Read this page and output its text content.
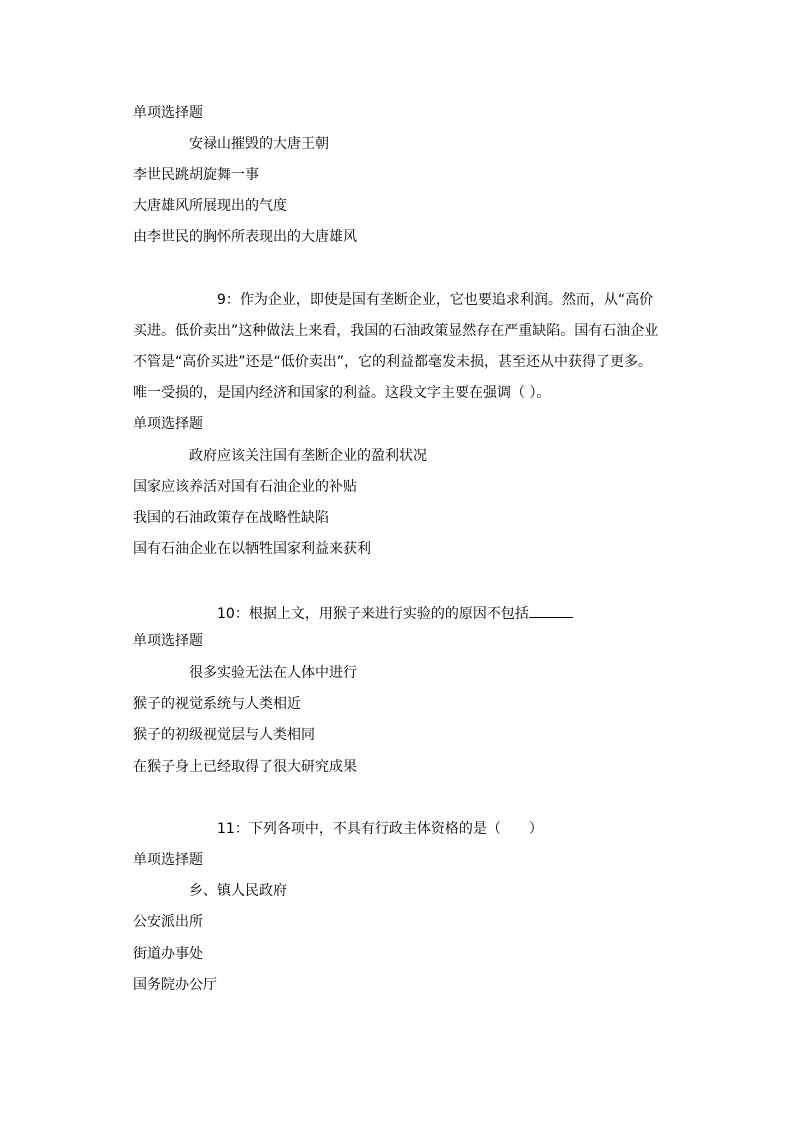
单项选择题
安禄山摧毁的大唐王朝
李世民跳胡旋舞一事
大唐雄风所展现出的气度
由李世民的胸怀所表现出的大唐雄风
9：作为企业，即使是国有垄断企业，它也要追求利润。然而，从“高价买进。低价卖出”这种做法上来看，我国的石油政策显然存在严重缺陷。国有石油企业不管是“高价买进”还是“低价卖出”，它的利益都毫发未损，甚至还从中获得了更多。唯一受损的，是国内经济和国家的利益。这段文字主要在强调（ ）。
单项选择题
政府应该关注国有垄断企业的盈利状况
国家应该养活对国有石油企业的补贴
我国的石油政策存在战略性缺陷
国有石油企业在以牺牲国家利益来获利
10：根据上文，用猴子来进行实验的的原因不包括
单项选择题
很多实验无法在人体中进行
猴子的视觉系统与人类相近
猴子的初级视觉层与人类相同
在猴子身上已经取得了很大研究成果
11：下列各项中，不具有行政主体资格的是（　　）
单项选择题
乡、镇人民政府
公安派出所
街道办事处
国务院办公厅
